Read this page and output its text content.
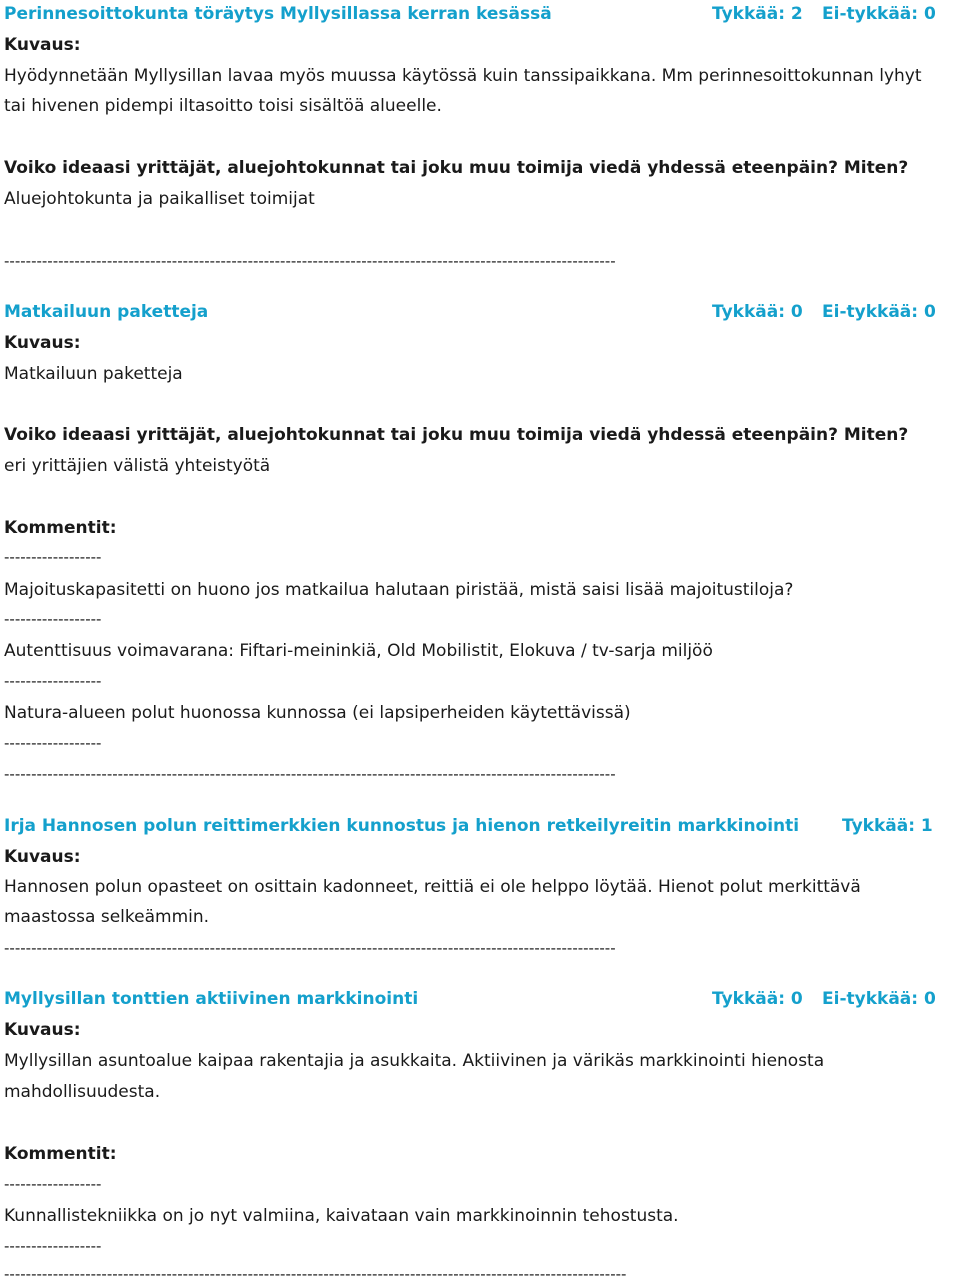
Perinnesoittokunta töräytys Myllysillassa kerran kesässä	Tykkää: 2 Ei-tykkää: 0
Kuvaus:
Hyödynnetään Myllysillan lavaa myös muussa käytössä kuin tanssipaikkana. Mm perinnesoittokunnan lyhyt
tai hivenen pidempi iltasoitto toisi sisältöä alueelle.
Voiko ideaasi yrittäjät, aluejohtokunnat tai joku muu toimija viedä yhdessä eteenpäin? Miten?
Aluejohtokunta ja paikalliset toimijat
-----------------------------------------------------------------------------------------------------------------
Matkailuun paketteja	Tykkää: 0 Ei-tykkää: 0
Kuvaus:
Matkailuun paketteja
Voiko ideaasi yrittäjät, aluejohtokunnat tai joku muu toimija viedä yhdessä eteenpäin? Miten?
eri yrittäjien välistä yhteistyötä
Kommentit:
------------------
Majoituskapasitetti on huono jos matkailua halutaan piristää, mistä saisi lisää majoitustiloja?
------------------
Autenttisuus voimavarana: Fiftari-meininkiä, Old Mobilistit, Elokuva / tv-sarja miljöö
------------------
Natura-alueen polut huonossa kunnossa (ei lapsiperheiden käytettävissä)
------------------
-----------------------------------------------------------------------------------------------------------------
Irja Hannosen polun reittimerkkien kunnostus ja hienon retkeilyreitin markkinointi	Tykkää: 1
Kuvaus:
Hannosen polun opasteet on osittain kadonneet, reittiä ei ole helppo löytää. Hienot polut merkittävä
maastossa selkeämmin.
-----------------------------------------------------------------------------------------------------------------
Myllysillan tonttien aktiivinen markkinointi	Tykkää: 0 Ei-tykkää: 0
Kuvaus:
Myllysillan asuntoalue kaipaa rakentajia ja asukkaita. Aktiivinen ja värikäs markkinointi hienosta
mahdollisuudesta.
Kommentit:
------------------
Kunnallistekniikka on jo nyt valmiina, kaivataan vain markkinoinnin tehostusta.
------------------
-------------------------------------------------------------------------------------------------------------------
